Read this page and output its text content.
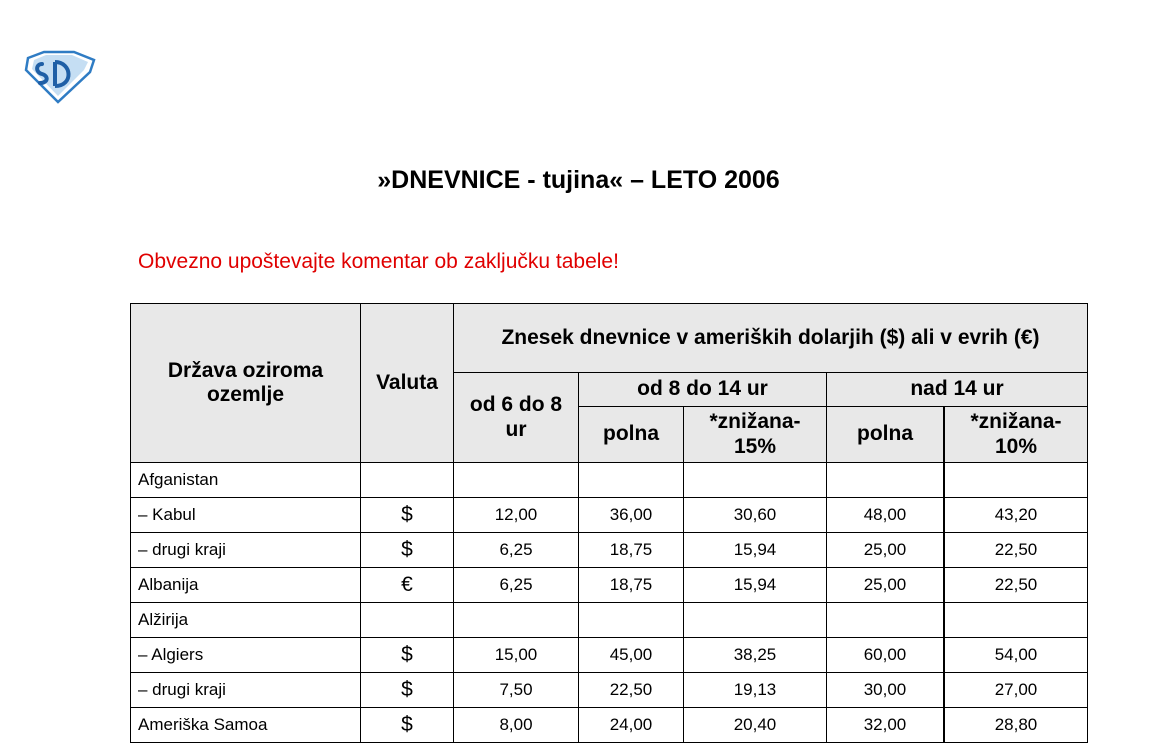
»DNEVNICE - tujina« – LETO 2006
Obvezno upoštevajte komentar ob zaključku tabele!
Država oziroma ozemlje	Valuta	Znesek dnevnice v ameriških dolarjih ($) ali v evrih (€)				
		od 6 do 8 ur	od 8 do 14 ur		nad 14 ur	
			polna	*znižana-15%	polna	*znižana-10%
Afganistan						
– Kabul	$	12,00	36,00	30,60	48,00	43,20
– drugi kraji	$	6,25	18,75	15,94	25,00	22,50
Albanija	€	6,25	18,75	15,94	25,00	22,50
Alžirija						
– Algiers	$	15,00	45,00	38,25	60,00	54,00
– drugi kraji	$	7,50	22,50	19,13	30,00	27,00
Ameriška Samoa	$	8,00	24,00	20,40	32,00	28,80
